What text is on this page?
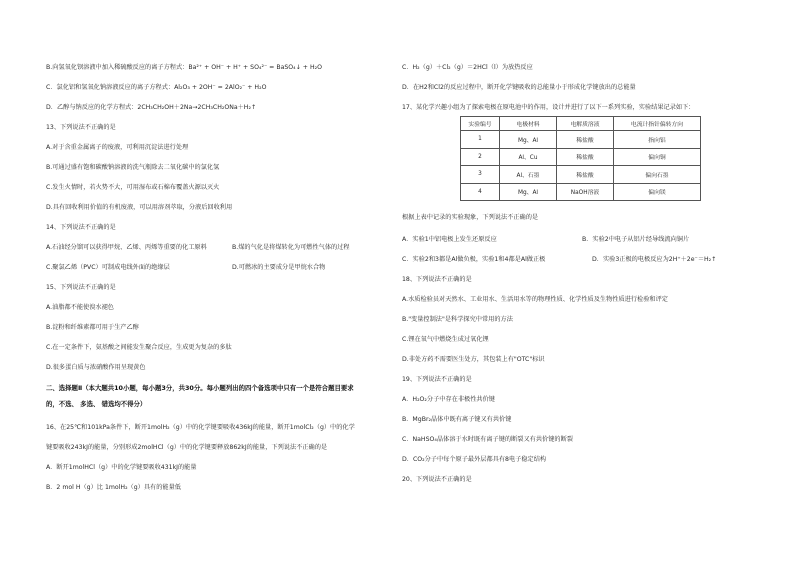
B.向氢氧化钡溶液中加入稀硫酸反应的离子方程式：Ba²⁺ + OH⁻ + H⁺ + SO₄²⁻ = BaSO₄↓ + H₂O
C．氯化铝和氢氧化钠溶液反应的离子方程式：Al₂O₃ + 2OH⁻ = 2AlO₂⁻ + H₂O
D．乙醇与钠反应的化学方程式：2CH₃CH₂OH＋2Na→2CH₃CH₂ONa＋H₂↑
13、下列说法不正确的是
A.对于含重金属离子的废液，可利用沉淀法进行处理
B.可通过盛有饱和碳酸钠溶液的洗气瓶除去二氧化碳中的氯化氢
C.发生火情时，若火势不大，可用湿布或石棉布覆盖火源以灭火
D.具有回收利用价值的有机废液，可以用溶剂萃取，分液后回收利用
14、下列说法不正确的是
A.石油经分馏可以获得甲烷、乙烯、丙烯等重要的化工原料	B.煤的气化是将煤转化为可燃性气体的过程
C.聚氯乙烯（PVC）可制成电线外面的绝缘层	D.可燃冰的主要成分是甲烷水合物
15、下列说法不正确的是
A.油脂都不能使溴水褪色
B.淀粉和纤维素都可用于生产乙醇
C.在一定条件下，氨基酸之间能发生聚合反应，生成更为复杂的多肽
D.很多蛋白质与浓硝酸作用呈现黄色
二、选择题Ⅱ（本大题共10小题，每小题3分，共30分。每小题列出的四个备选项中只有一个是符合题目要求
的，不选、 多选、 错选均不得分）
16、在25℃和101kPa条件下，断开1molH₂（g）中的化学键要吸收436kJ的能量，断开1molCl₂（g）中的化学
键要吸收243kJ的能量，分别形成2molHCl（g）中的化学键要释放862kJ的能量，下列说法不正确的是
A．断开1molHCl（g）中的化学键要吸收431kJ的能量
B．2 mol H（g）比 1molH₂（g）具有的能量低
C．H₂（g）＋Cl₂（g）＝2HCl（l）为放热反应
D．在H2和Cl2的反应过程中，断开化学键吸收的总能量小于形成化学键放出的总能量
17、某化学兴趣小组为了探索电极在原电池中的作用，设计并进行了以下一系列实验，实验结果记录如下：
实验编号	电极材料	电解质溶液	电流计指针偏转方向
1	Mg、Al	稀盐酸	指向铝
2	Al、Cu	稀盐酸	偏向铜
3	Al、石墨	稀盐酸	偏向石墨
4	Mg、Al	NaOH溶液	偏向镁
根据上表中记录的实验现象，下列说法不正确的是
A．实验1中铝电极上发生还原反应	B．实验2中电子从铝片经导线流向铜片
C．实验2和3都是Al做负极，实验1和4都是Al做正极	D．实验3正极的电极反应为2H⁺＋2e⁻＝H₂↑
18、下列说法不正确的是
A.水质检验员对天然水、工业用水、生活用水等的物理性质、化学性质及生物性质进行检验和评定
B."变量控制法"是科学探究中常用的方法
C.锂在氧气中燃烧生成过氧化锂
D.非处方药不需要医生处方，其包装上有"OTC"标识
19、下列说法不正确的是
A．H₂O₂分子中存在非极性共价键
B．MgBr₂晶体中既有离子键又有共价键
C．NaHSO₄晶体溶于水时既有离子键的断裂又有共价键的断裂
D．CO₂分子中每个原子最外层都具有8电子稳定结构
20、下列说法不正确的是
